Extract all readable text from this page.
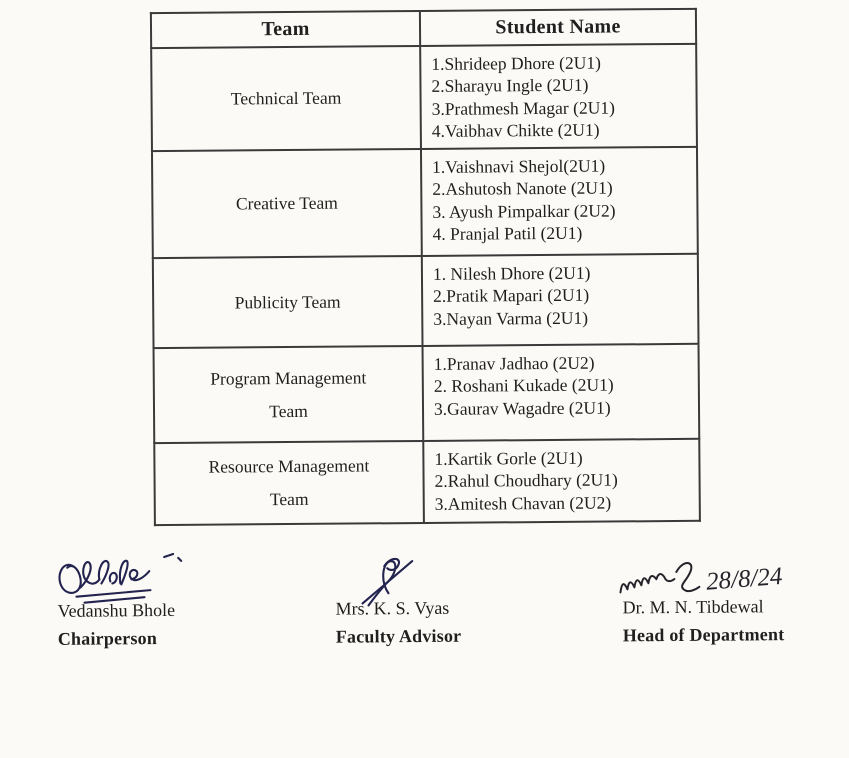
Team	Student Name

Technical Team	1.Shrideep Dhore (2U1)
2.Sharayu Ingle (2U1)
3.Prathmesh Magar (2U1)
4.Vaibhav Chikte (2U1)

Creative Team	1.Vaishnavi Shejol(2U1)
2.Ashutosh Nanote (2U1)
3. Ayush Pimpalkar (2U2)
4. Pranjal Patil (2U1)

Publicity Team	1. Nilesh Dhore (2U1)
2.Pratik Mapari (2U1)
3.Nayan Varma (2U1)

Program Management Team	1.Pranav Jadhao (2U2)
2. Roshani Kukade (2U1)
3.Gaurav Wagadre (2U1)

Resource Management Team	1.Kartik Gorle (2U1)
2.Rahul Choudhary (2U1)
3.Amitesh Chavan (2U2)
28/8/24
Vedanshu Bhole
Chairperson
Mrs. K. S. Vyas
Faculty Advisor
Dr. M. N. Tibdewal
Head of Department
